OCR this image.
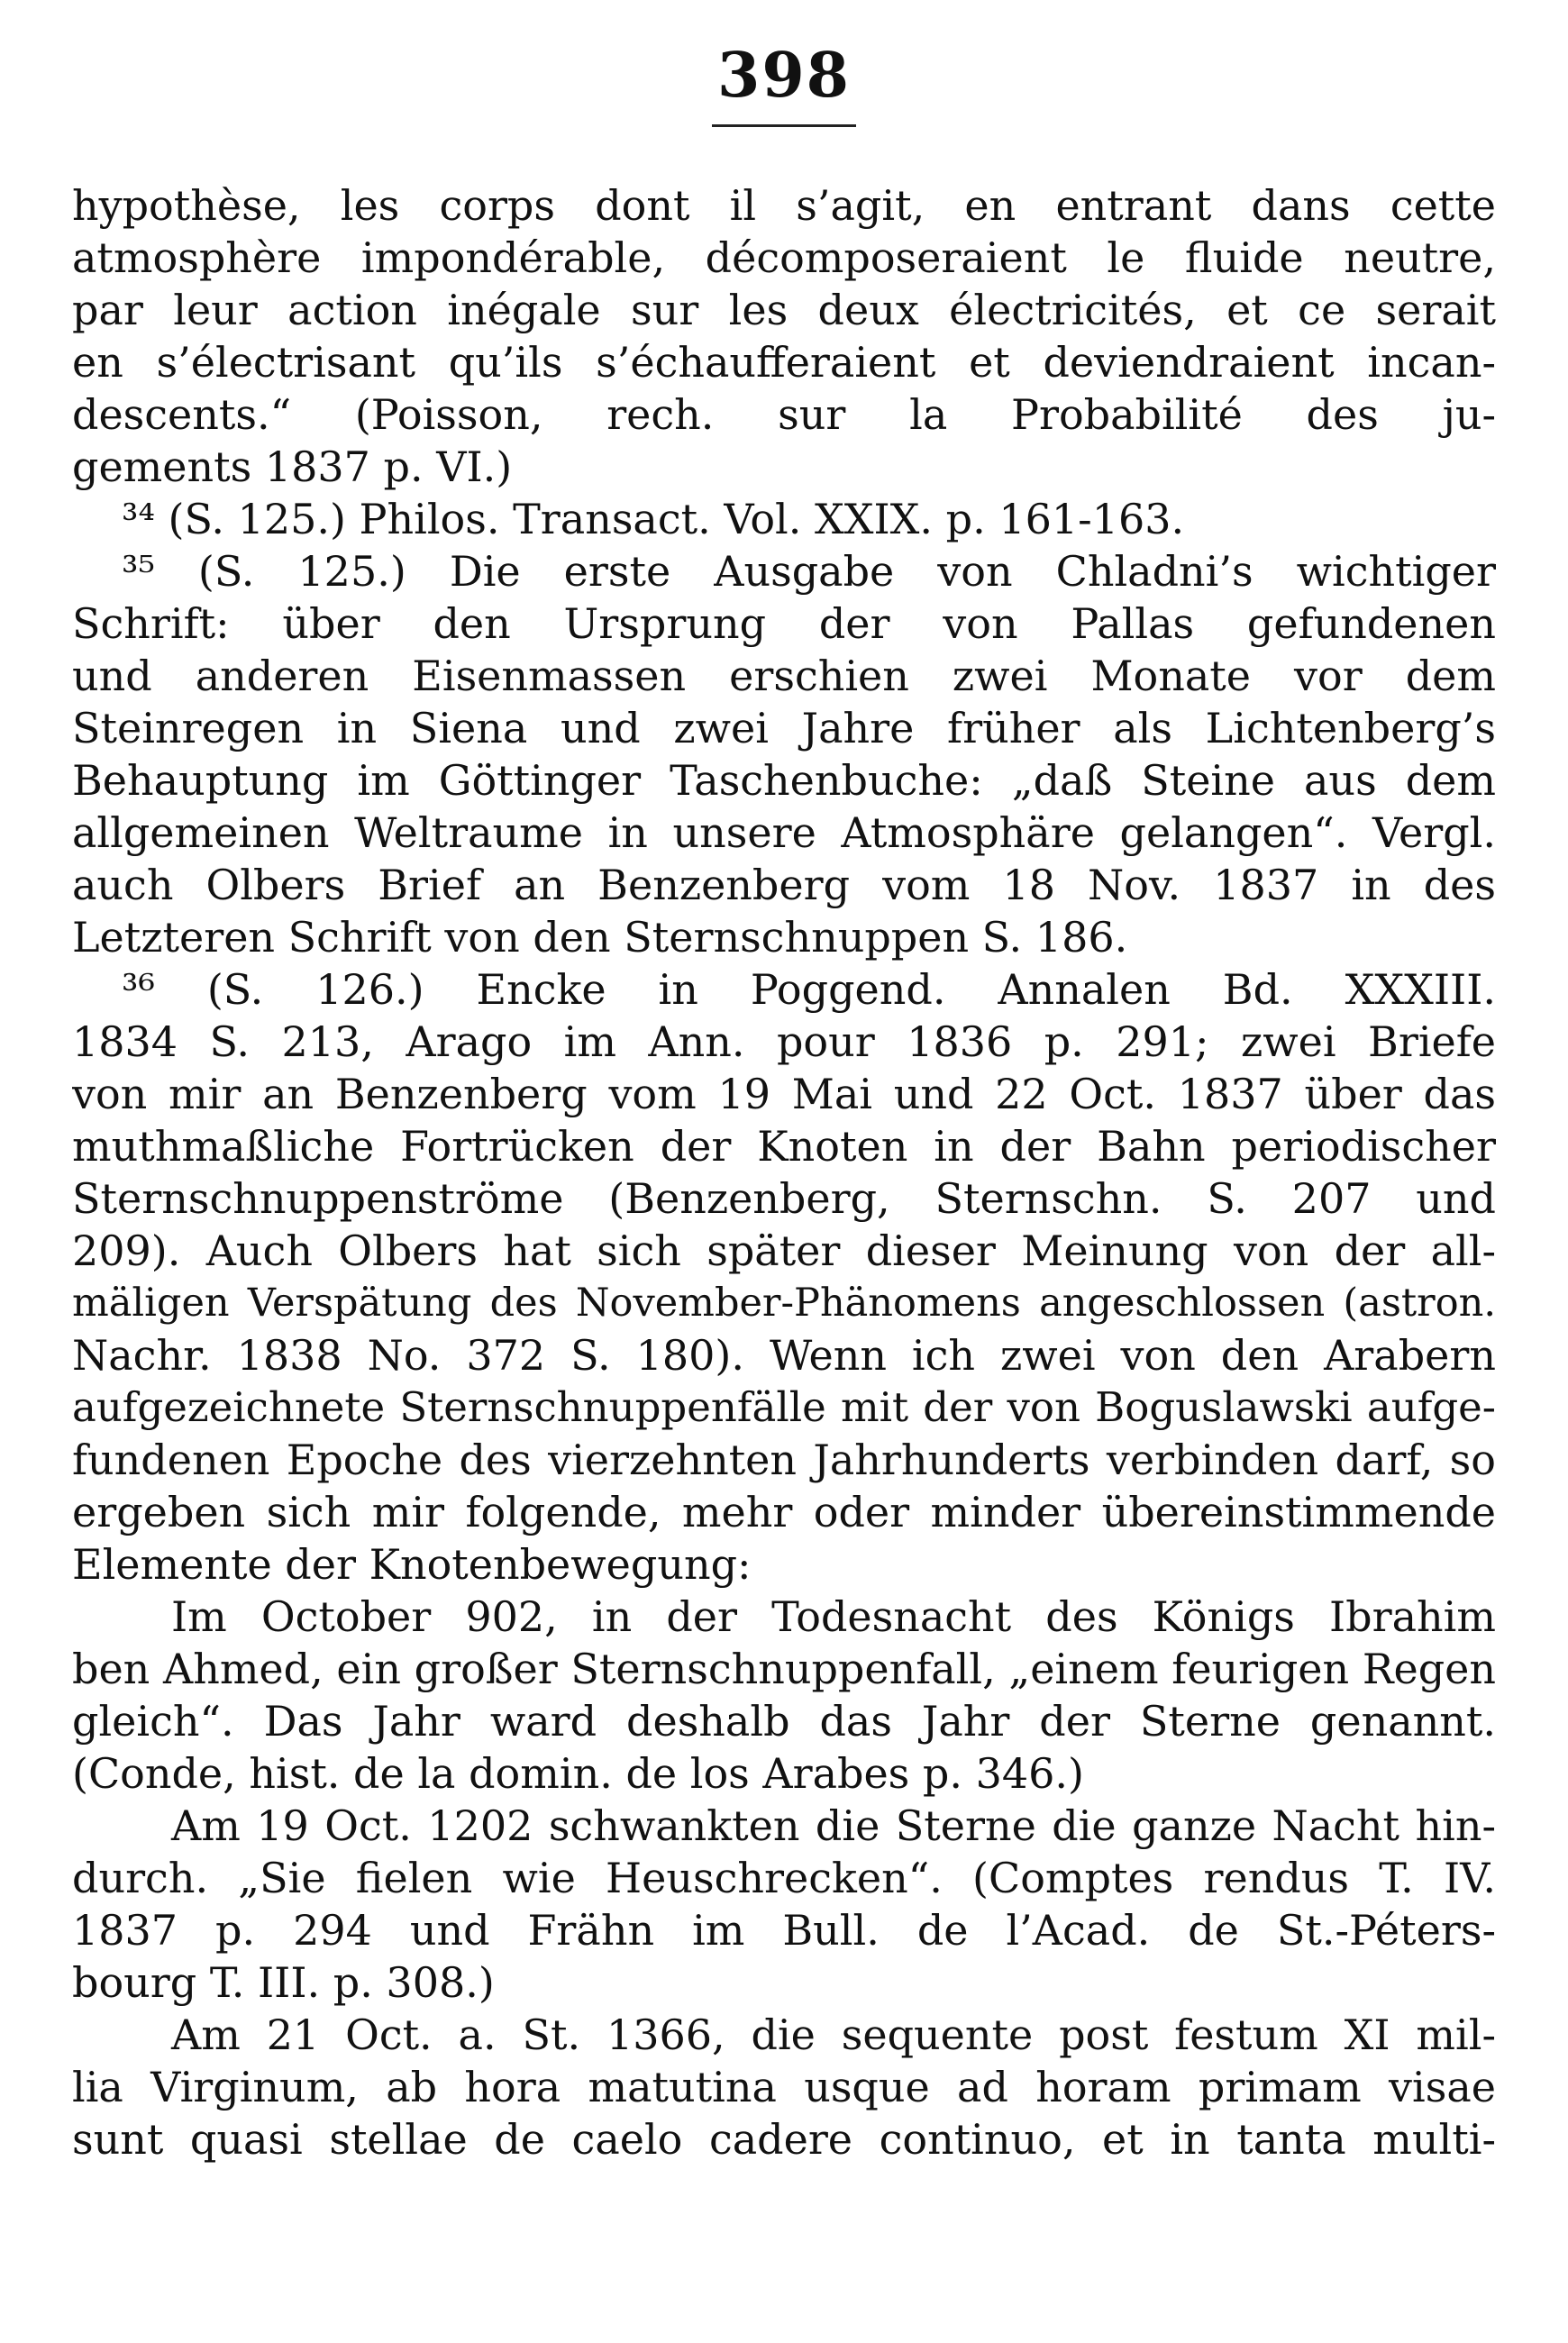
398
hypothèse, les corps dont il s’agit, en entrant dans cette
atmosphère impondérable, décomposeraient le fluide neutre,
par leur action inégale sur les deux électricités, et ce serait
en s’électrisant qu’ils s’échaufferaient et deviendraient incan-
descents.“ (Poisson, rech. sur la Probabilité des ju-
gements 1837 p. VI.)
³⁴ (S. 125.) Philos. Transact. Vol. XXIX. p. 161-163.
³⁵ (S. 125.) Die erste Ausgabe von Chladni’s wichtiger
Schrift: über den Ursprung der von Pallas gefundenen
und anderen Eisenmassen erschien zwei Monate vor dem
Steinregen in Siena und zwei Jahre früher als Lichtenberg’s
Behauptung im Göttinger Taschenbuche: „daß Steine aus dem
allgemeinen Weltraume in unsere Atmosphäre gelangen“. Vergl.
auch Olbers Brief an Benzenberg vom 18 Nov. 1837 in des
Letzteren Schrift von den Sternschnuppen S. 186.
³⁶ (S. 126.) Encke in Poggend. Annalen Bd. XXXIII.
1834 S. 213, Arago im Ann. pour 1836 p. 291; zwei Briefe
von mir an Benzenberg vom 19 Mai und 22 Oct. 1837 über das
muthmaßliche Fortrücken der Knoten in der Bahn periodischer
Sternschnuppenströme (Benzenberg, Sternschn. S. 207 und
209). Auch Olbers hat sich später dieser Meinung von der all-
mäligen Verspätung des November-Phänomens angeschlossen (astron.
Nachr. 1838 No. 372 S. 180). Wenn ich zwei von den Arabern
aufgezeichnete Sternschnuppenfälle mit der von Boguslawski aufge-
fundenen Epoche des vierzehnten Jahrhunderts verbinden darf, so
ergeben sich mir folgende, mehr oder minder übereinstimmende
Elemente der Knotenbewegung:
Im October 902, in der Todesnacht des Königs Ibrahim
ben Ahmed, ein großer Sternschnuppenfall, „einem feurigen Regen
gleich“. Das Jahr ward deshalb das Jahr der Sterne genannt.
(Conde, hist. de la domin. de los Arabes p. 346.)
Am 19 Oct. 1202 schwankten die Sterne die ganze Nacht hin-
durch. „Sie fielen wie Heuschrecken“. (Comptes rendus T. IV.
1837 p. 294 und Frähn im Bull. de l’Acad. de St.-Péters-
bourg T. III. p. 308.)
Am 21 Oct. a. St. 1366, die sequente post festum XI mil-
lia Virginum, ab hora matutina usque ad horam primam visae
sunt quasi stellae de caelo cadere continuo, et in tanta multi-
